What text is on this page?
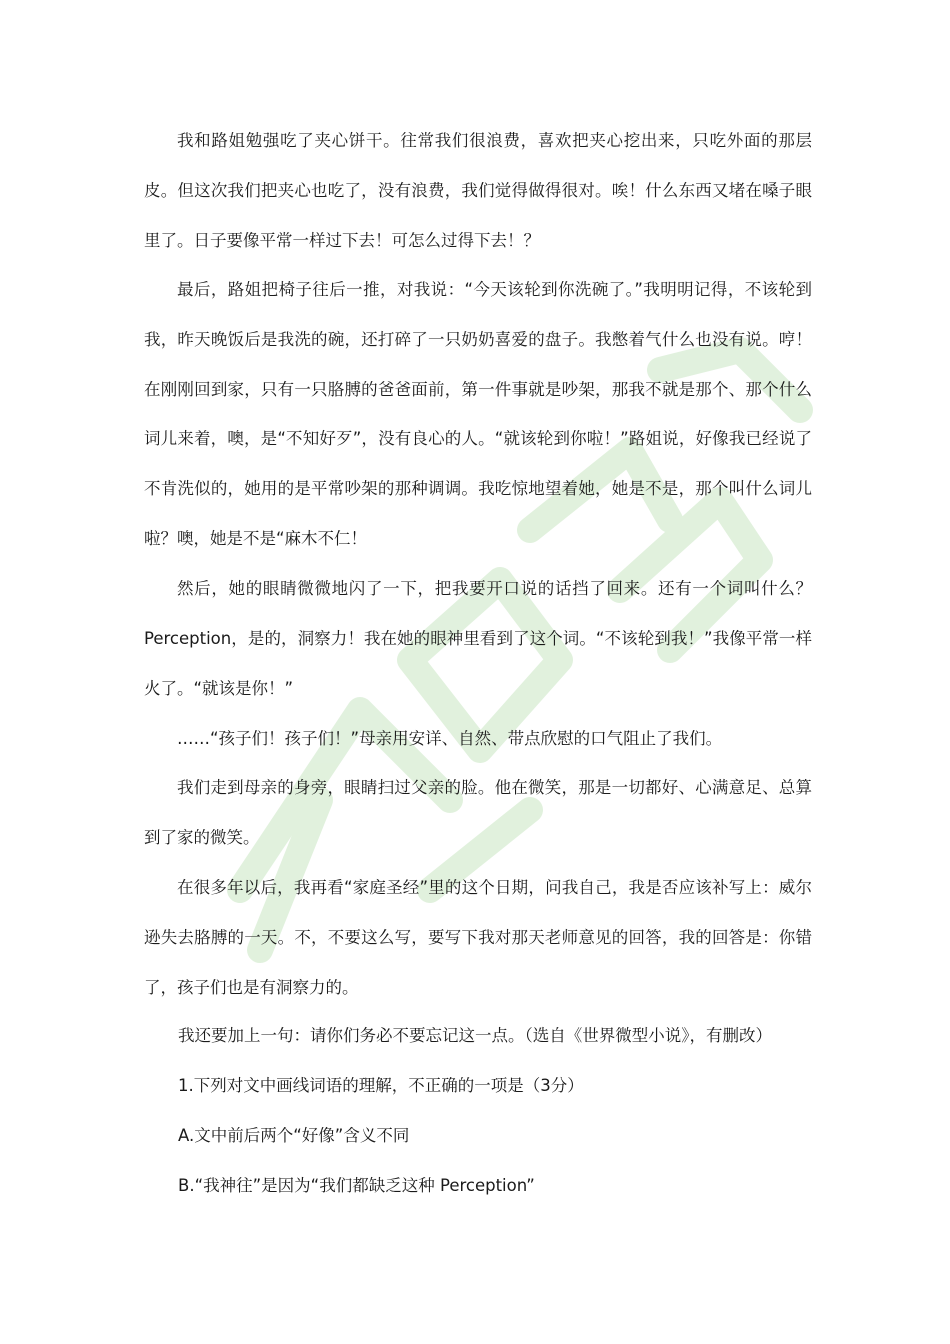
我和路姐勉强吃了夹心饼干。往常我们很浪费，喜欢把夹心挖出来，只吃外面的那层皮。但这次我们把夹心也吃了，没有浪费，我们觉得做得很对。唉！什么东西又堵在嗓子眼里了。日子要像平常一样过下去！可怎么过得下去！？

最后，路姐把椅子往后一推，对我说：“今天该轮到你洗碗了。”我明明记得，不该轮到我，昨天晚饭后是我洗的碗，还打碎了一只奶奶喜爱的盘子。我憋着气什么也没有说。哼！在刚刚回到家，只有一只胳膊的爸爸面前，第一件事就是吵架，那我不就是那个、那个什么词儿来着，噢，是“不知好歹”，没有良心的人。“就该轮到你啦！”路姐说，好像我已经说了不肯洗似的，她用的是平常吵架的那种调调。我吃惊地望着她，她是不是，那个叫什么词儿啦？噢，她是不是“麻木不仁！

然后，她的眼睛微微地闪了一下，把我要开口说的话挡了回来。还有一个词叫什么？Perception，是的，洞察力！我在她的眼神里看到了这个词。“不该轮到我！”我像平常一样火了。“就该是你！”

……“孩子们！孩子们！”母亲用安详、自然、带点欣慰的口气阻止了我们。

我们走到母亲的身旁，眼睛扫过父亲的脸。他在微笑，那是一切都好、心满意足、总算到了家的微笑。

在很多年以后，我再看“家庭圣经”里的这个日期，问我自己，我是否应该补写上：威尔逊失去胳膊的一天。不，不要这么写，要写下我对那天老师意见的回答，我的回答是：你错了，孩子们也是有洞察力的。

我还要加上一句：请你们务必不要忘记这一点。（选自《世界微型小说》，有删改）

1.下列对文中画线词语的理解，不正确的一项是（3分）

A.文中前后两个“好像”含义不同

B.“我神往”是因为“我们都缺乏这种 Perception”
